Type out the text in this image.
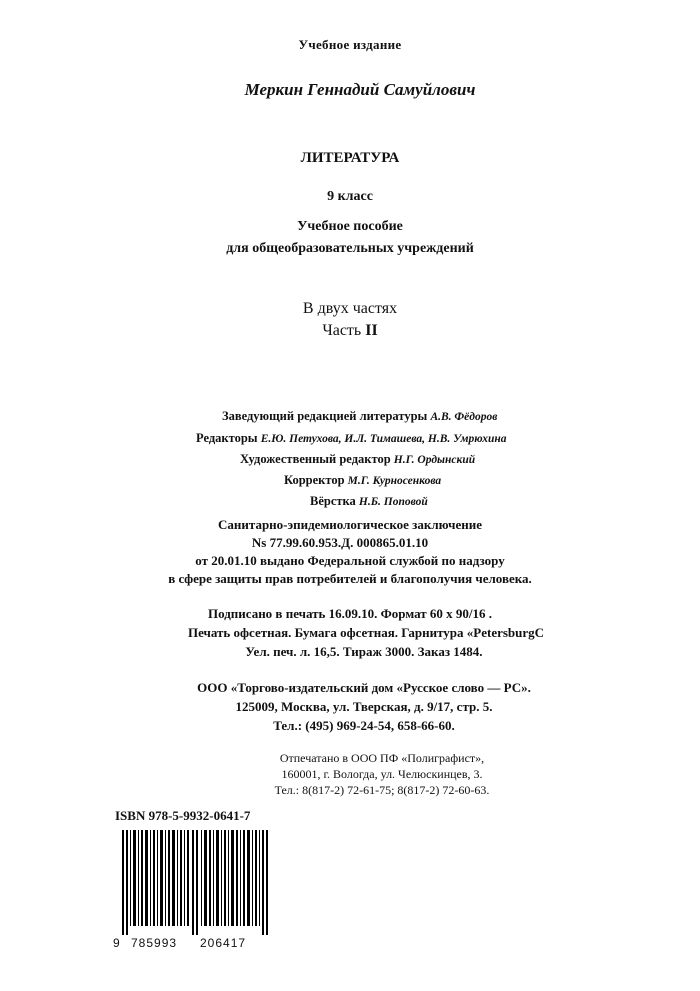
Учебное издание
Меркин Геннадий Самуйлович
ЛИТЕРАТУРА
9 класс
Учебное пособие
для общеобразовательных учреждений
В двух частях
Часть II
Заведующий редакцией литературы А.В. Фёдоров
Редакторы Е.Ю. Петухова, И.Л. Тимашева, Н.В. Умрюхина
Художественный редактор Н.Г. Ордынский
Корректор М.Г. Курносенкова
Вёрстка Н.Б. Поповой
Санитарно-эпидемиологическое заключение
Ns 77.99.60.953.Д. 000865.01.10
от 20.01.10 выдано Федеральной службой по надзору
в сфере защиты прав потребителей и благополучия человека.
Подписано в печать 16.09.10. Формат 60 x 90/16 .
Печать офсетная. Бумага офсетная. Гарнитура «PetersburgC
Уел. печ. л. 16,5. Тираж 3000. Заказ 1484.
ООО «Торгово-издательский дом «Русское слово — РС».
125009, Москва, ул. Тверская, д. 9/17, стр. 5.
Тел.: (495) 969-24-54, 658-66-60.
Отпечатано в ООО ПФ «Полиграфист»,
160001, г. Вологда, ул. Челюскинцев, 3.
Тел.: 8(817-2) 72-61-75; 8(817-2) 72-60-63.
ISBN 978-5-9932-0641-7
9 785993 206417
